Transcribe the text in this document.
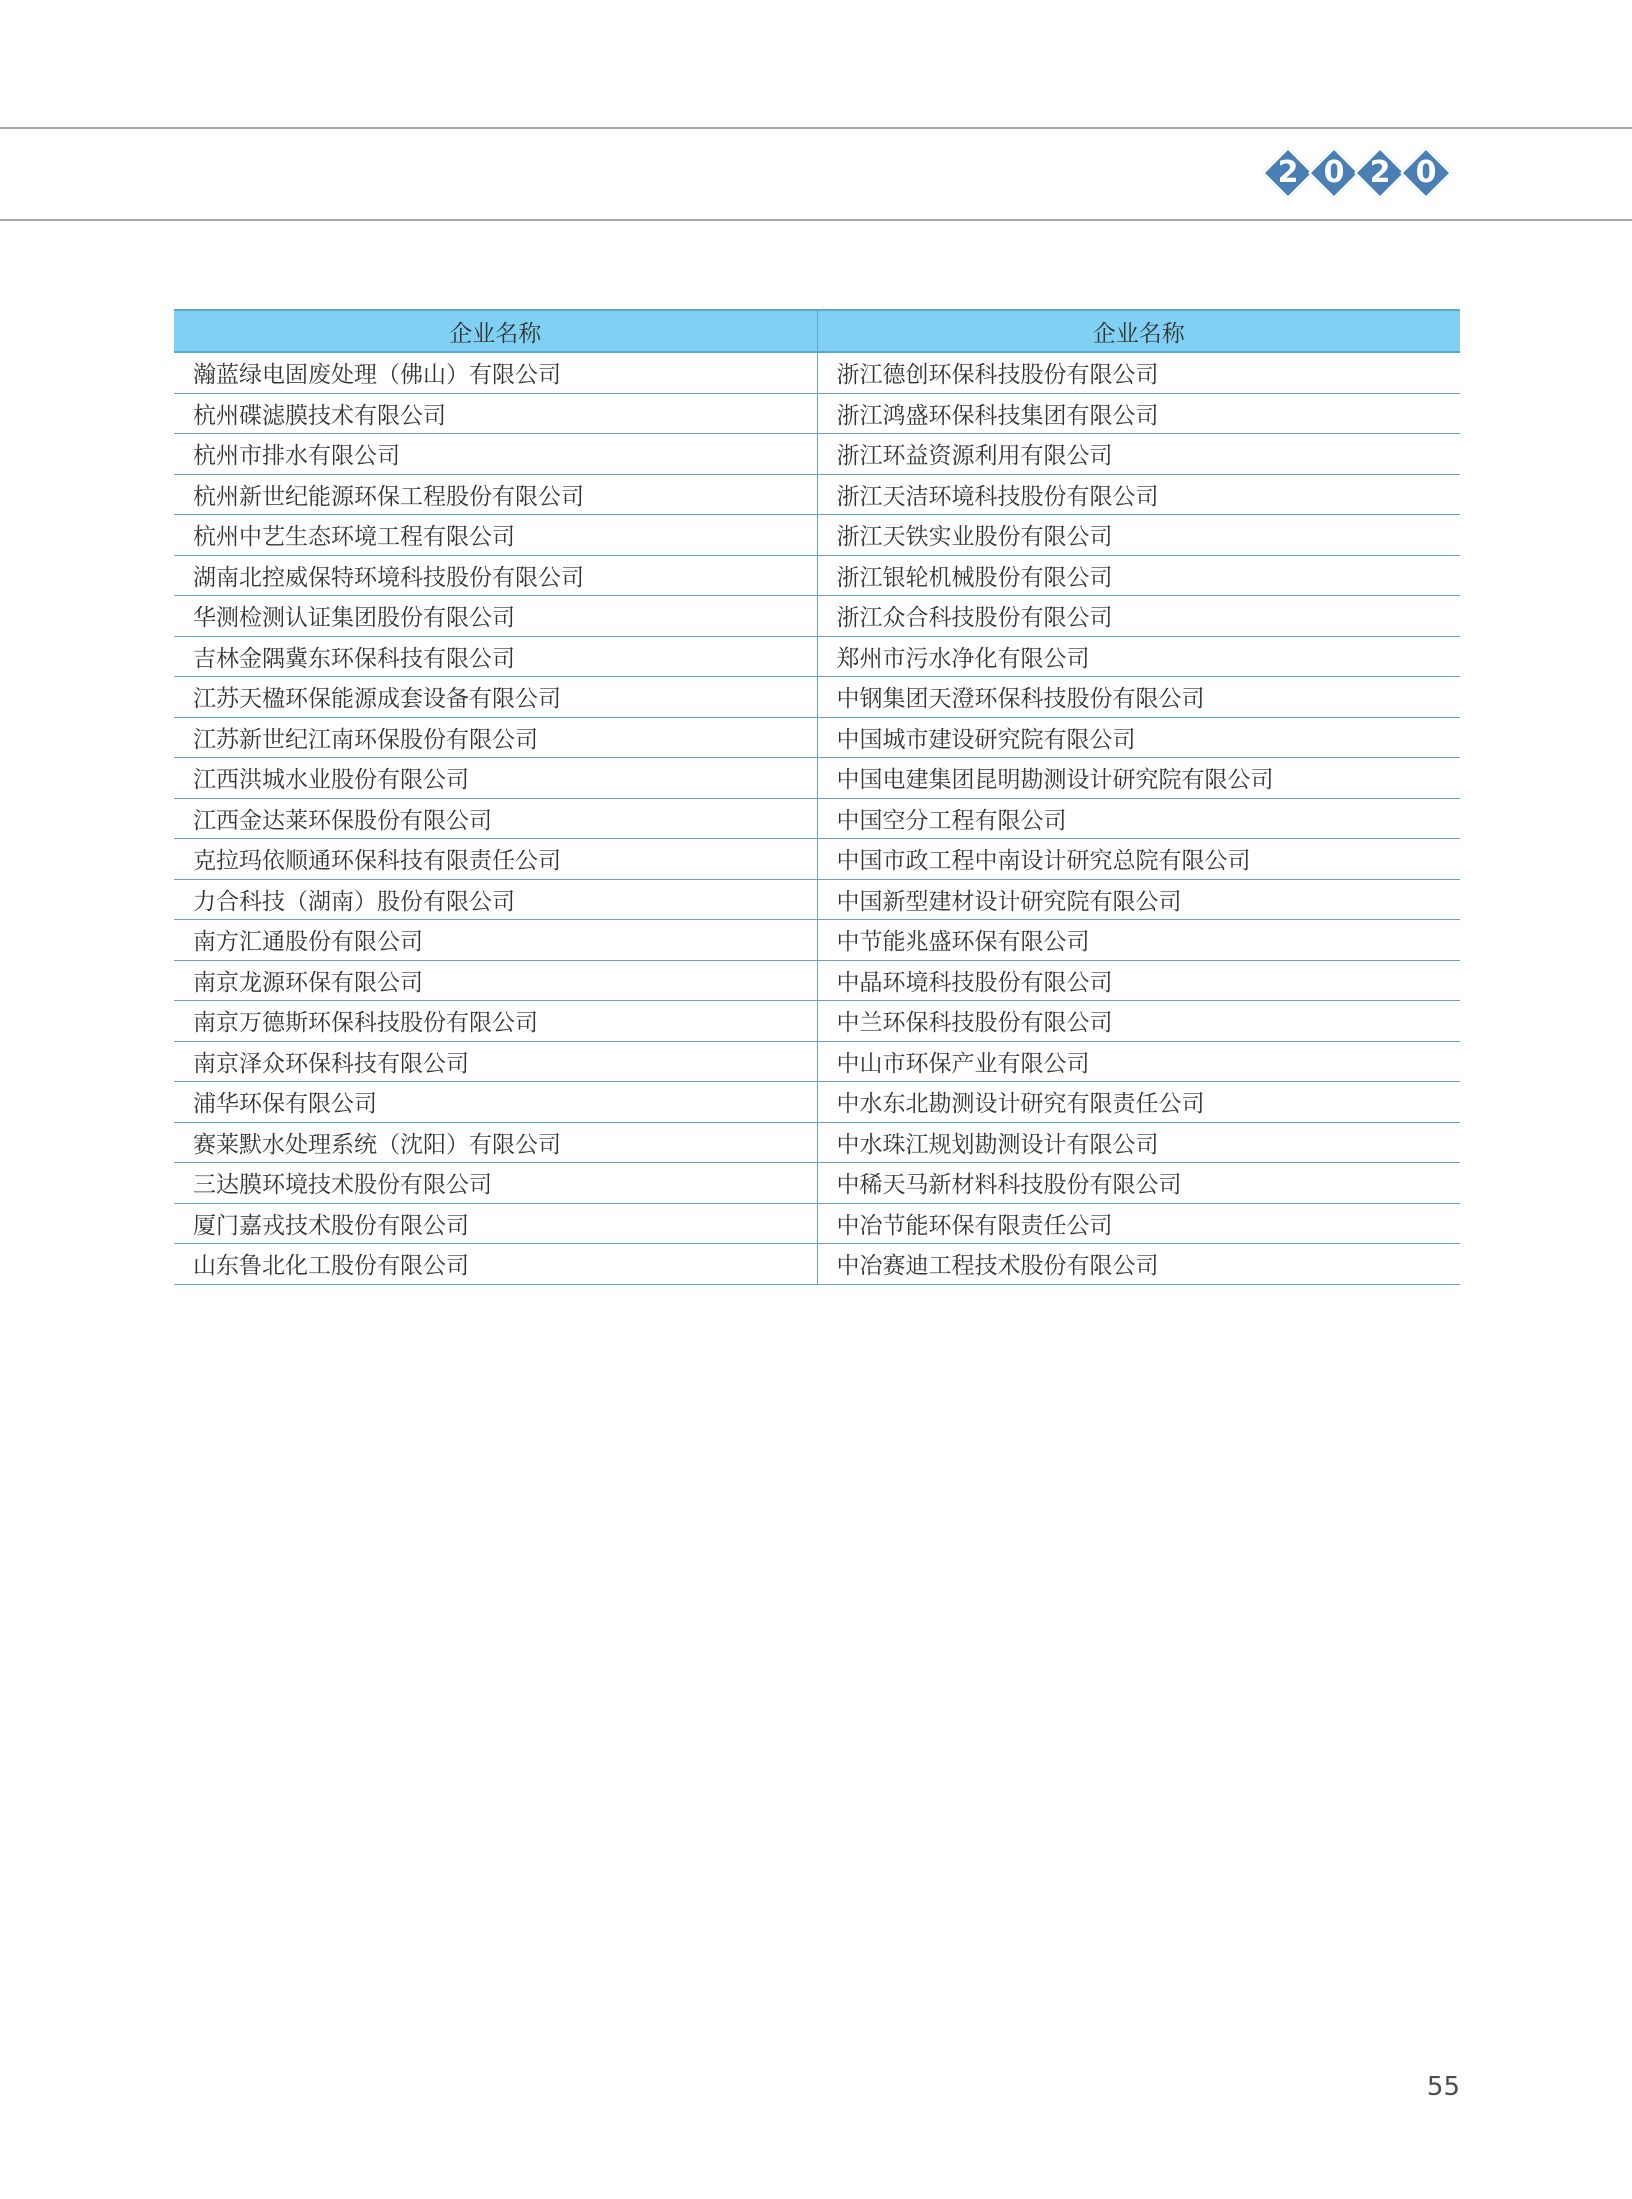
2 0 2 0
企业名称	企业名称
瀚蓝绿电固废处理（佛山）有限公司	浙江德创环保科技股份有限公司
杭州碟滤膜技术有限公司	浙江鸿盛环保科技集团有限公司
杭州市排水有限公司	浙江环益资源利用有限公司
杭州新世纪能源环保工程股份有限公司	浙江天洁环境科技股份有限公司
杭州中艺生态环境工程有限公司	浙江天铁实业股份有限公司
湖南北控威保特环境科技股份有限公司	浙江银轮机械股份有限公司
华测检测认证集团股份有限公司	浙江众合科技股份有限公司
吉林金隅冀东环保科技有限公司	郑州市污水净化有限公司
江苏天楹环保能源成套设备有限公司	中钢集团天澄环保科技股份有限公司
江苏新世纪江南环保股份有限公司	中国城市建设研究院有限公司
江西洪城水业股份有限公司	中国电建集团昆明勘测设计研究院有限公司
江西金达莱环保股份有限公司	中国空分工程有限公司
克拉玛依顺通环保科技有限责任公司	中国市政工程中南设计研究总院有限公司
力合科技（湖南）股份有限公司	中国新型建材设计研究院有限公司
南方汇通股份有限公司	中节能兆盛环保有限公司
南京龙源环保有限公司	中晶环境科技股份有限公司
南京万德斯环保科技股份有限公司	中兰环保科技股份有限公司
南京泽众环保科技有限公司	中山市环保产业有限公司
浦华环保有限公司	中水东北勘测设计研究有限责任公司
赛莱默水处理系统（沈阳）有限公司	中水珠江规划勘测设计有限公司
三达膜环境技术股份有限公司	中稀天马新材料科技股份有限公司
厦门嘉戎技术股份有限公司	中冶节能环保有限责任公司
山东鲁北化工股份有限公司	中冶赛迪工程技术股份有限公司
55
